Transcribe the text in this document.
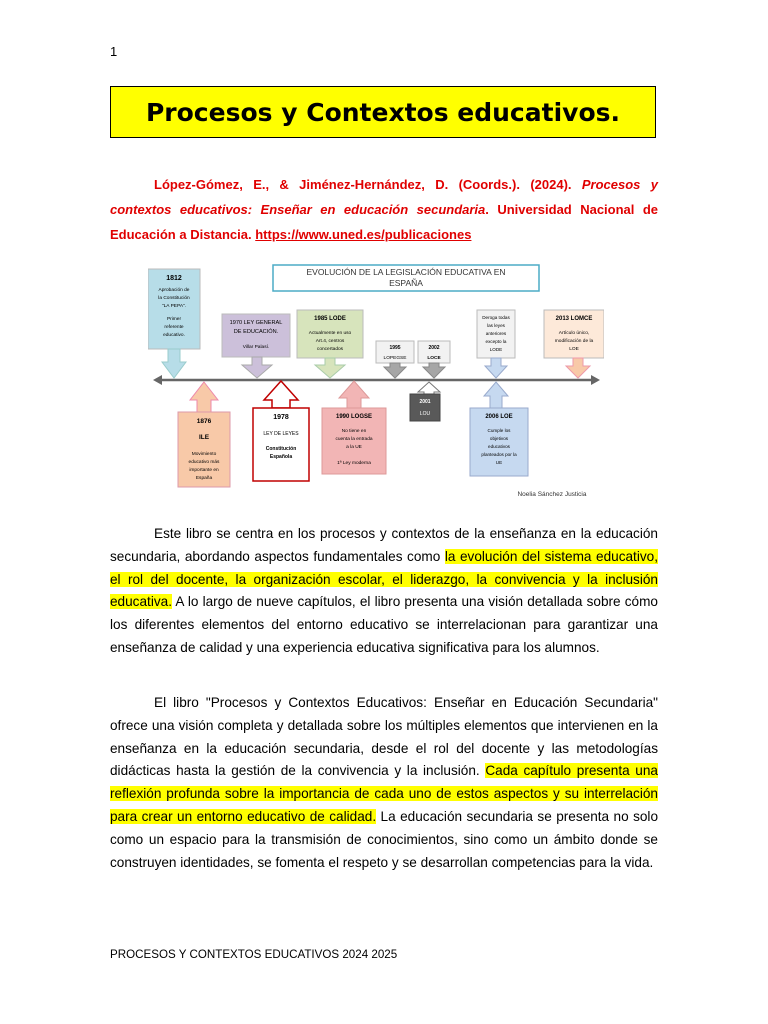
1
Procesos y Contextos educativos.

López-Gómez, E., & Jiménez-Hernández, D. (Coords.). (2024). Procesos y contextos educativos: Enseñar en educación secundaria. Universidad Nacional de Educación a Distancia. https://www.uned.es/publicaciones

EVOLUCIÓN DE LA LEGISLACIÓN EDUCATIVA EN
ESPAÑA
1812
Aprobación de
la Constitución
"LA PEPA".
Primer
referente
educativo.
1876
ILE
Movimiento
educativo más
importante en
España
1970 LEY GENERAL
DE EDUCACIÓN.
Villar Palasí.
1978
LEY DE LEYES
Constitución
Española
1985 LODE
Actualmente en uso
Art.4, centros
concertados
1990 LOGSE
No tiene en
cuenta la entrada
a la UE
1ª Ley moderna
1995
LOPEGSE
2002
LOCE
2001
LOU
Deroga todas
las leyes
anteriores
excepto la
LODE
2006 LOE
Cumple los
objetivos
educativos
planteados por la
UE
2013 LOMCE
Artículo único,
modificación de la
LOE
Noelia Sánchez Justicia

Este libro se centra en los procesos y contextos de la enseñanza en la educación secundaria, abordando aspectos fundamentales como la evolución del sistema educativo, el rol del docente, la organización escolar, el liderazgo, la convivencia y la inclusión educativa. A lo largo de nueve capítulos, el libro presenta una visión detallada sobre cómo los diferentes elementos del entorno educativo se interrelacionan para garantizar una enseñanza de calidad y una experiencia educativa significativa para los alumnos.

El libro "Procesos y Contextos Educativos: Enseñar en Educación Secundaria" ofrece una visión completa y detallada sobre los múltiples elementos que intervienen en la enseñanza en la educación secundaria, desde el rol del docente y las metodologías didácticas hasta la gestión de la convivencia y la inclusión. Cada capítulo presenta una reflexión profunda sobre la importancia de cada uno de estos aspectos y su interrelación para crear un entorno educativo de calidad. La educación secundaria se presenta no solo como un espacio para la transmisión de conocimientos, sino como un ámbito donde se construyen identidades, se fomenta el respeto y se desarrollan competencias para la vida.

PROCESOS Y CONTEXTOS EDUCATIVOS 2024 2025
